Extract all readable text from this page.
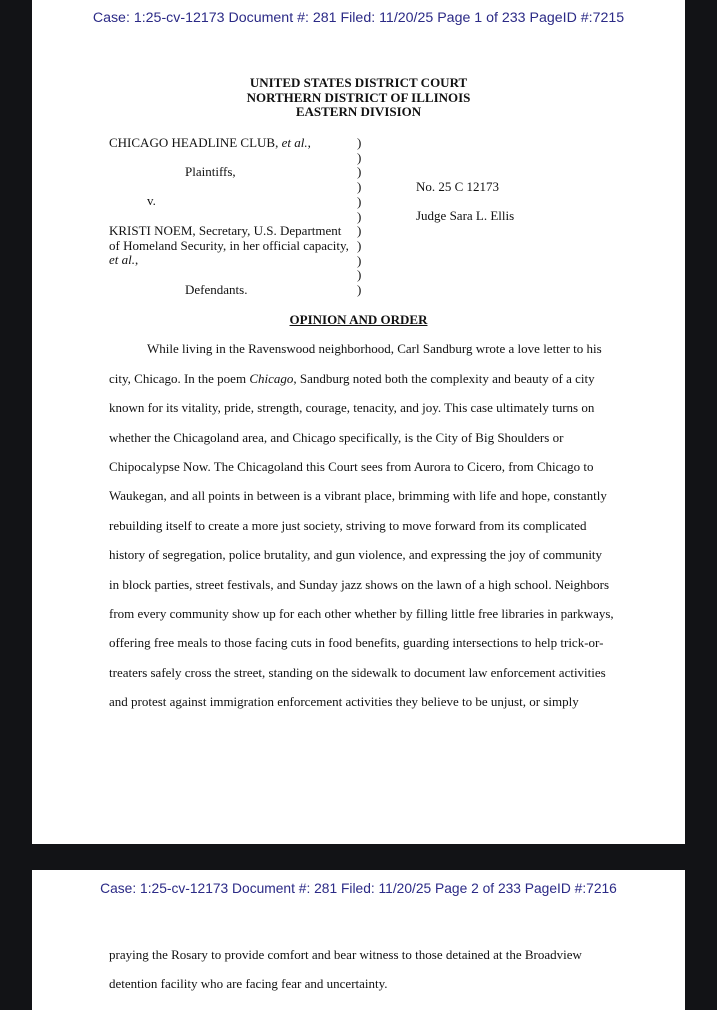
Case: 1:25-cv-12173 Document #: 281 Filed: 11/20/25 Page 1 of 233 PageID #:7215
UNITED STATES DISTRICT COURT
NORTHERN DISTRICT OF ILLINOIS
EASTERN DIVISION
CHICAGO HEADLINE CLUB, et al.,
Plaintiffs,
v.
KRISTI NOEM, Secretary, U.S. Department
of Homeland Security, in her official capacity,
et al.,
Defendants.
)
)
)
)
)
)
)
)
)
)
)
No. 25 C 12173
Judge Sara L. Ellis
OPINION AND ORDER
While living in the Ravenswood neighborhood, Carl Sandburg wrote a love letter to his
city, Chicago. In the poem Chicago, Sandburg noted both the complexity and beauty of a city
known for its vitality, pride, strength, courage, tenacity, and joy. This case ultimately turns on
whether the Chicagoland area, and Chicago specifically, is the City of Big Shoulders or
Chipocalypse Now. The Chicagoland this Court sees from Aurora to Cicero, from Chicago to
Waukegan, and all points in between is a vibrant place, brimming with life and hope, constantly
rebuilding itself to create a more just society, striving to move forward from its complicated
history of segregation, police brutality, and gun violence, and expressing the joy of community
in block parties, street festivals, and Sunday jazz shows on the lawn of a high school. Neighbors
from every community show up for each other whether by filling little free libraries in parkways,
offering free meals to those facing cuts in food benefits, guarding intersections to help trick-or-
treaters safely cross the street, standing on the sidewalk to document law enforcement activities
and protest against immigration enforcement activities they believe to be unjust, or simply
Case: 1:25-cv-12173 Document #: 281 Filed: 11/20/25 Page 2 of 233 PageID #:7216
praying the Rosary to provide comfort and bear witness to those detained at the Broadview
detention facility who are facing fear and uncertainty.
